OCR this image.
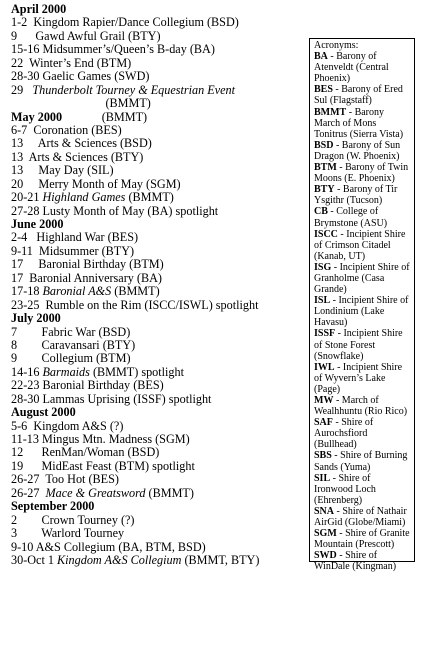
April 2000
1-2 Kingdom Rapier/Dance Collegium (BSD)
9 Gawd Awful Grail (BTY)
15-16 Midsummer’s/Queen’s B-day (BA)
22 Winter’s End (BTM)
28-30 Gaelic Games (SWD)
29 Thunderbolt Tourney & Equestrian Event
(BMMT)
May 2000             (BMMT)
6-7 Coronation (BES)
13 Arts & Sciences (BSD)
13 Arts & Sciences (BTY)
13 May Day (SIL)
20 Merry Month of May (SGM)
20-21 Highland Games (BMMT)
27-28 Lusty Month of May (BA) spotlight
June 2000
2-4 Highland War (BES)
9-11 Midsummer (BTY)
17 Baronial Birthday (BTM)
17 Baronial Anniversary (BA)
17-18 Baronial A&S (BMMT)
23-25 Rumble on the Rim (ISCC/ISWL) spotlight
July 2000
7 Fabric War (BSD)
8 Caravansari (BTY)
9 Collegium (BTM)
14-16 Barmaids (BMMT) spotlight
22-23 Baronial Birthday (BES)
28-30 Lammas Uprising (ISSF) spotlight
August 2000
5-6 Kingdom A&S (?)
11-13 Mingus Mtn. Madness (SGM)
12 RenMan/Woman (BSD)
19 MidEast Feast (BTM) spotlight
26-27 Too Hot (BES)
26-27 Mace & Greatsword (BMMT)
September 2000
2 Crown Tourney (?)
3 Warlord Tourney
9-10 A&S Collegium (BA, BTM, BSD)
30-Oct 1 Kingdom A&S Collegium (BMMT, BTY)
Acronyms:
BA - Barony of Atenveldt (Central Phoenix)
BES - Barony of Ered Sul (Flagstaff)
BMMT - Barony March of Mons Tonitrus (Sierra Vista)
BSD - Barony of Sun Dragon (W. Phoenix)
BTM - Barony of Twin Moons (E. Phoenix)
BTY - Barony of Tir Ysgithr (Tucson)
CB - College of Brymstone (ASU)
ISCC - Incipient Shire of Crimson Citadel (Kanab, UT)
ISG - Incipient Shire of Granholme (Casa Grande)
ISL - Incipient Shire of Londinium (Lake Havasu)
ISSF - Incipient Shire of Stone Forest (Snowflake)
IWL - Incipient Shire of Wyvern’s Lake (Page)
MW - March of Wealhhuntu (Rio Rico)
SAF - Shire of Aurochsfiord (Bullhead)
SBS - Shire of Burning Sands (Yuma)
SIL - Shire of Ironwood Loch (Ehrenberg)
SNA - Shire of Nathair AirGid (Globe/Miami)
SGM - Shire of Granite Mountain (Prescott)
SWD - Shire of WinDale (Kingman)
